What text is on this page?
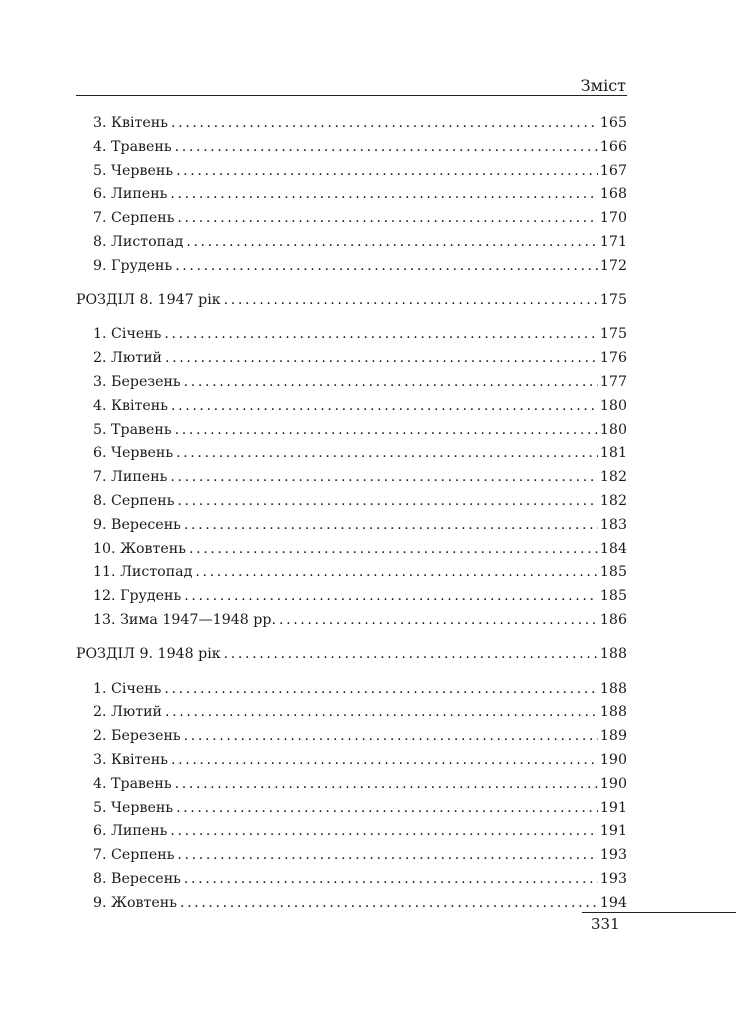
Зміст
3. Квітень .....	165
4. Травень .....	166
5. Червень .....	167
6. Липень .....	168
7. Серпень .....	170
8. Листопад .....	171
9. Грудень .....	172
РОЗДІЛ 8. 1947 рік .....	175
1. Січень .....	175
2. Лютий .....	176
3. Березень .....	177
4. Квітень .....	180
5. Травень .....	180
6. Червень .....	181
7. Липень .....	182
8. Серпень .....	182
9. Вересень .....	183
10. Жовтень .....	184
11. Листопад .....	185
12. Грудень .....	185
13. Зима 1947—1948 рр. .....	186
РОЗДІЛ 9. 1948 рік .....	188
1. Січень .....	188
2. Лютий .....	188
2. Березень .....	189
3. Квітень .....	190
4. Травень .....	190
5. Червень .....	191
6. Липень .....	191
7. Серпень .....	193
8. Вересень .....	193
9. Жовтень .....	194
331
